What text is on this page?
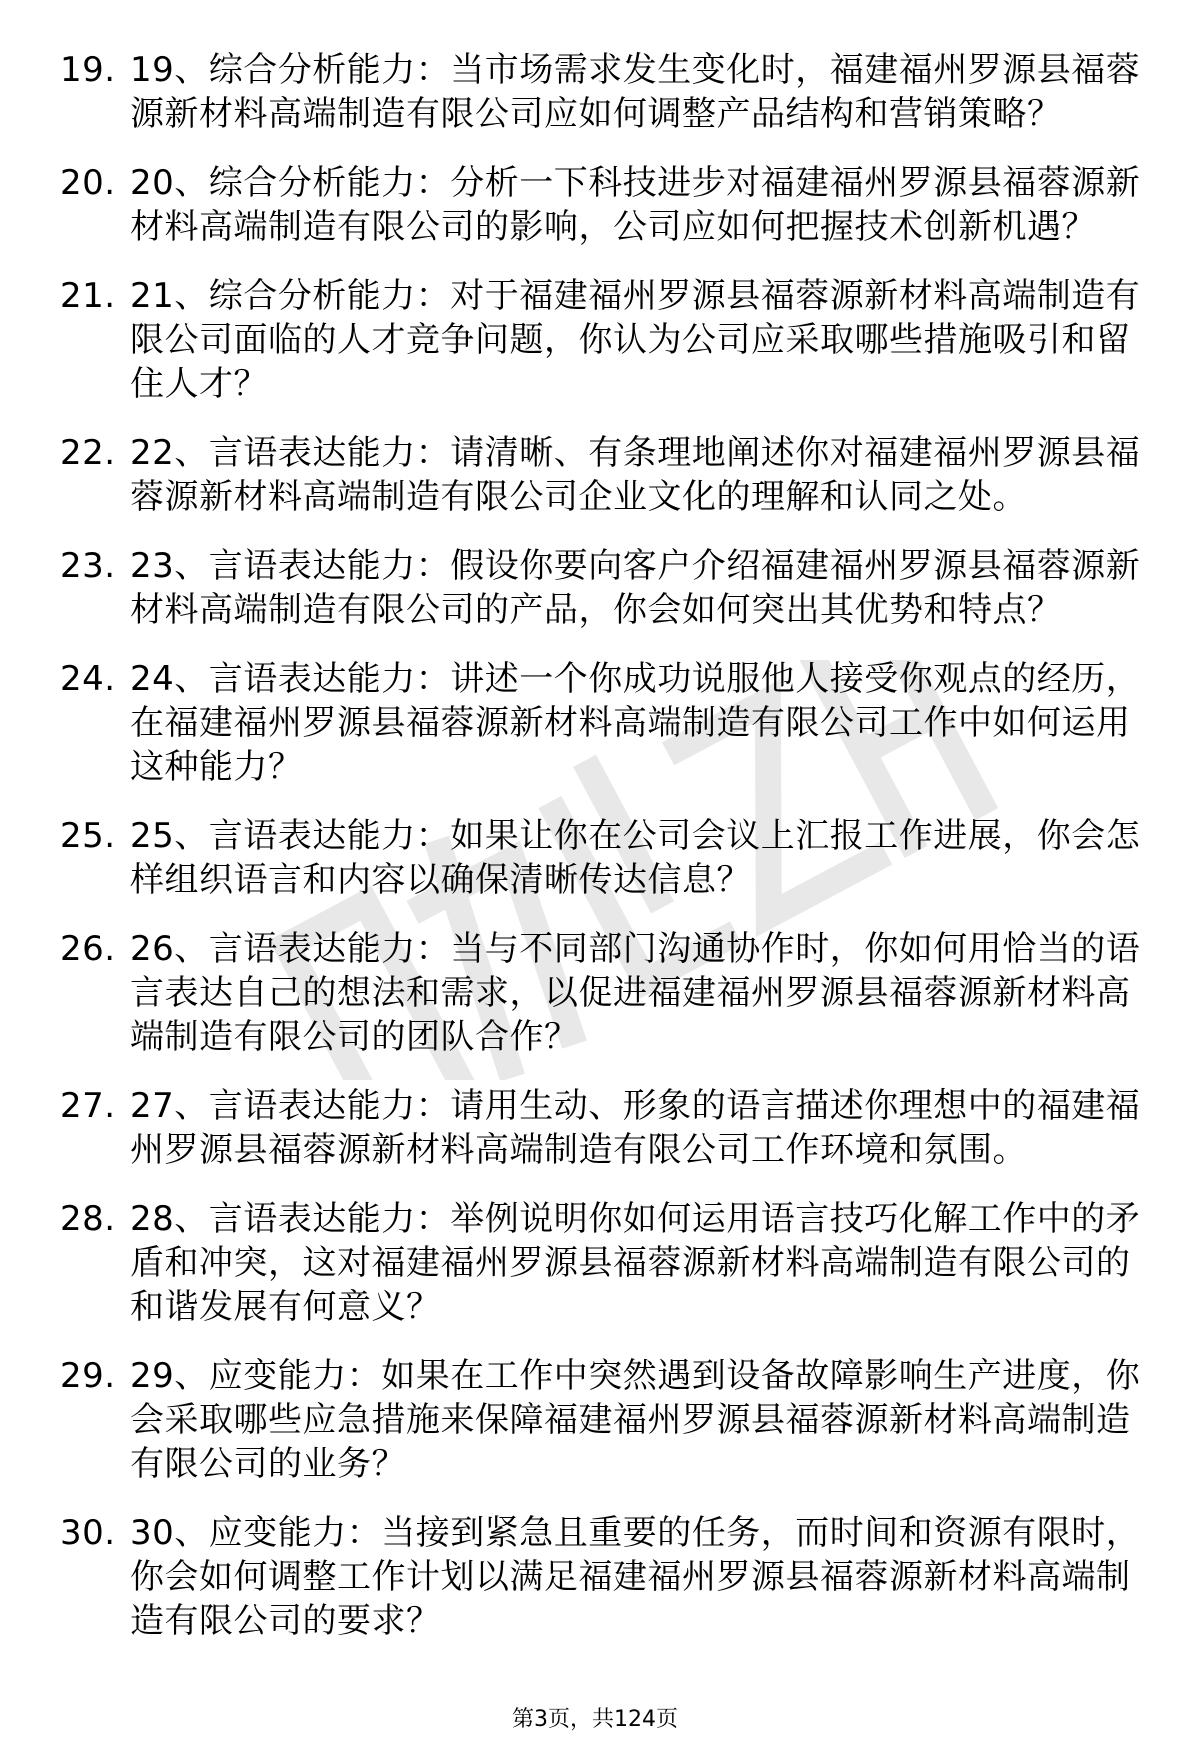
19. 19、综合分析能力：当市场需求发生变化时，福建福州罗源县福蓉源新材料高端制造有限公司应如何调整产品结构和营销策略？
20. 20、综合分析能力：分析一下科技进步对福建福州罗源县福蓉源新材料高端制造有限公司的影响，公司应如何把握技术创新机遇？
21. 21、综合分析能力：对于福建福州罗源县福蓉源新材料高端制造有限公司面临的人才竞争问题，你认为公司应采取哪些措施吸引和留住人才？
22. 22、言语表达能力：请清晰、有条理地阐述你对福建福州罗源县福蓉源新材料高端制造有限公司企业文化的理解和认同之处。
23. 23、言语表达能力：假设你要向客户介绍福建福州罗源县福蓉源新材料高端制造有限公司的产品，你会如何突出其优势和特点？
24. 24、言语表达能力：讲述一个你成功说服他人接受你观点的经历，在福建福州罗源县福蓉源新材料高端制造有限公司工作中如何运用这种能力？
25. 25、言语表达能力：如果让你在公司会议上汇报工作进展，你会怎样组织语言和内容以确保清晰传达信息？
26. 26、言语表达能力：当与不同部门沟通协作时，你如何用恰当的语言表达自己的想法和需求，以促进福建福州罗源县福蓉源新材料高端制造有限公司的团队合作？
27. 27、言语表达能力：请用生动、形象的语言描述你理想中的福建福州罗源县福蓉源新材料高端制造有限公司工作环境和氛围。
28. 28、言语表达能力：举例说明你如何运用语言技巧化解工作中的矛盾和冲突，这对福建福州罗源县福蓉源新材料高端制造有限公司的和谐发展有何意义？
29. 29、应变能力：如果在工作中突然遇到设备故障影响生产进度，你会采取哪些应急措施来保障福建福州罗源县福蓉源新材料高端制造有限公司的业务？
30. 30、应变能力：当接到紧急且重要的任务，而时间和资源有限时，你会如何调整工作计划以满足福建福州罗源县福蓉源新材料高端制造有限公司的要求？
第3页，共124页
